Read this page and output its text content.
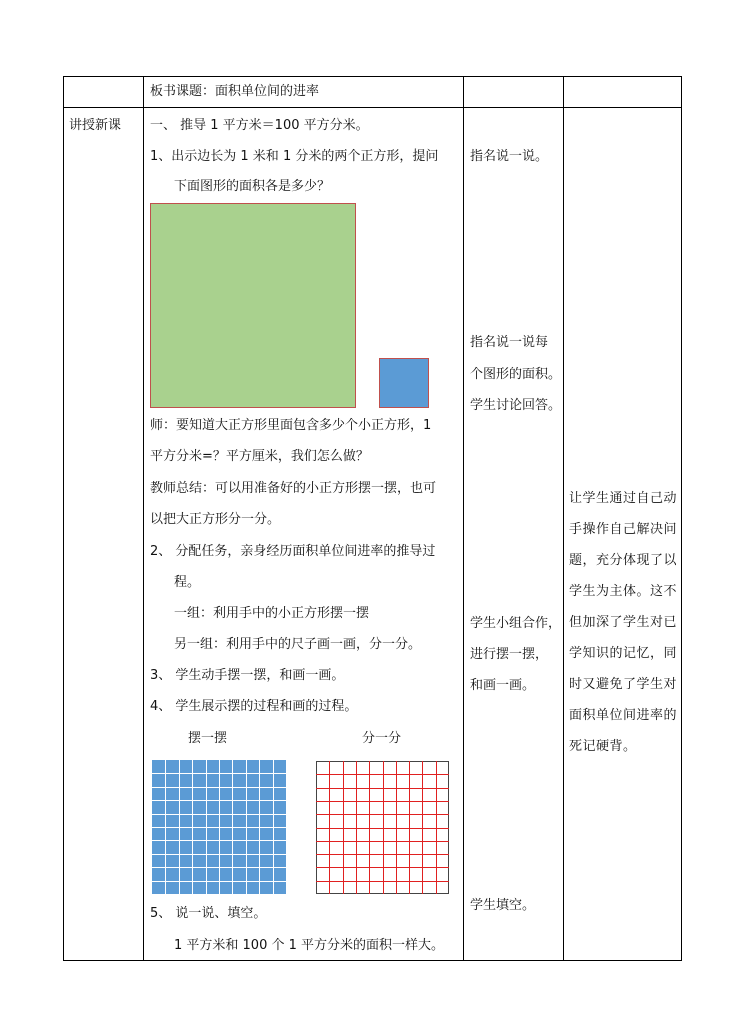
板书课题：面积单位间的进率
讲授新课 一、 推导 1 平方米＝100 平方分米。
1、出示边长为 1 米和 1 分米的两个正方形，提问
下面图形的面积各是多少？
师：要知道大正方形里面包含多少个小正方形，1
平方分米=？平方厘米，我们怎么做？
教师总结：可以用准备好的小正方形摆一摆，也可
以把大正方形分一分。
2、 分配任务，亲身经历面积单位间进率的推导过
程。
一组：利用手中的小正方形摆一摆
另一组：利用手中的尺子画一画，分一分。
3、 学生动手摆一摆，和画一画。
4、 学生展示摆的过程和画的过程。
摆一摆	分一分
5、 说一说、填空。
1 平方米和 100 个 1 平方分米的面积一样大。
指名说一说。
指名说一说每
个图形的面积。
学生讨论回答。
学生小组合作，
进行摆一摆，
和画一画。
学生填空。
让学生通过自己动手操作自己解决问题，充分体现了以学生为主体。这不但加深了学生对已学知识的记忆，同时又避免了学生对面积单位间进率的死记硬背。
